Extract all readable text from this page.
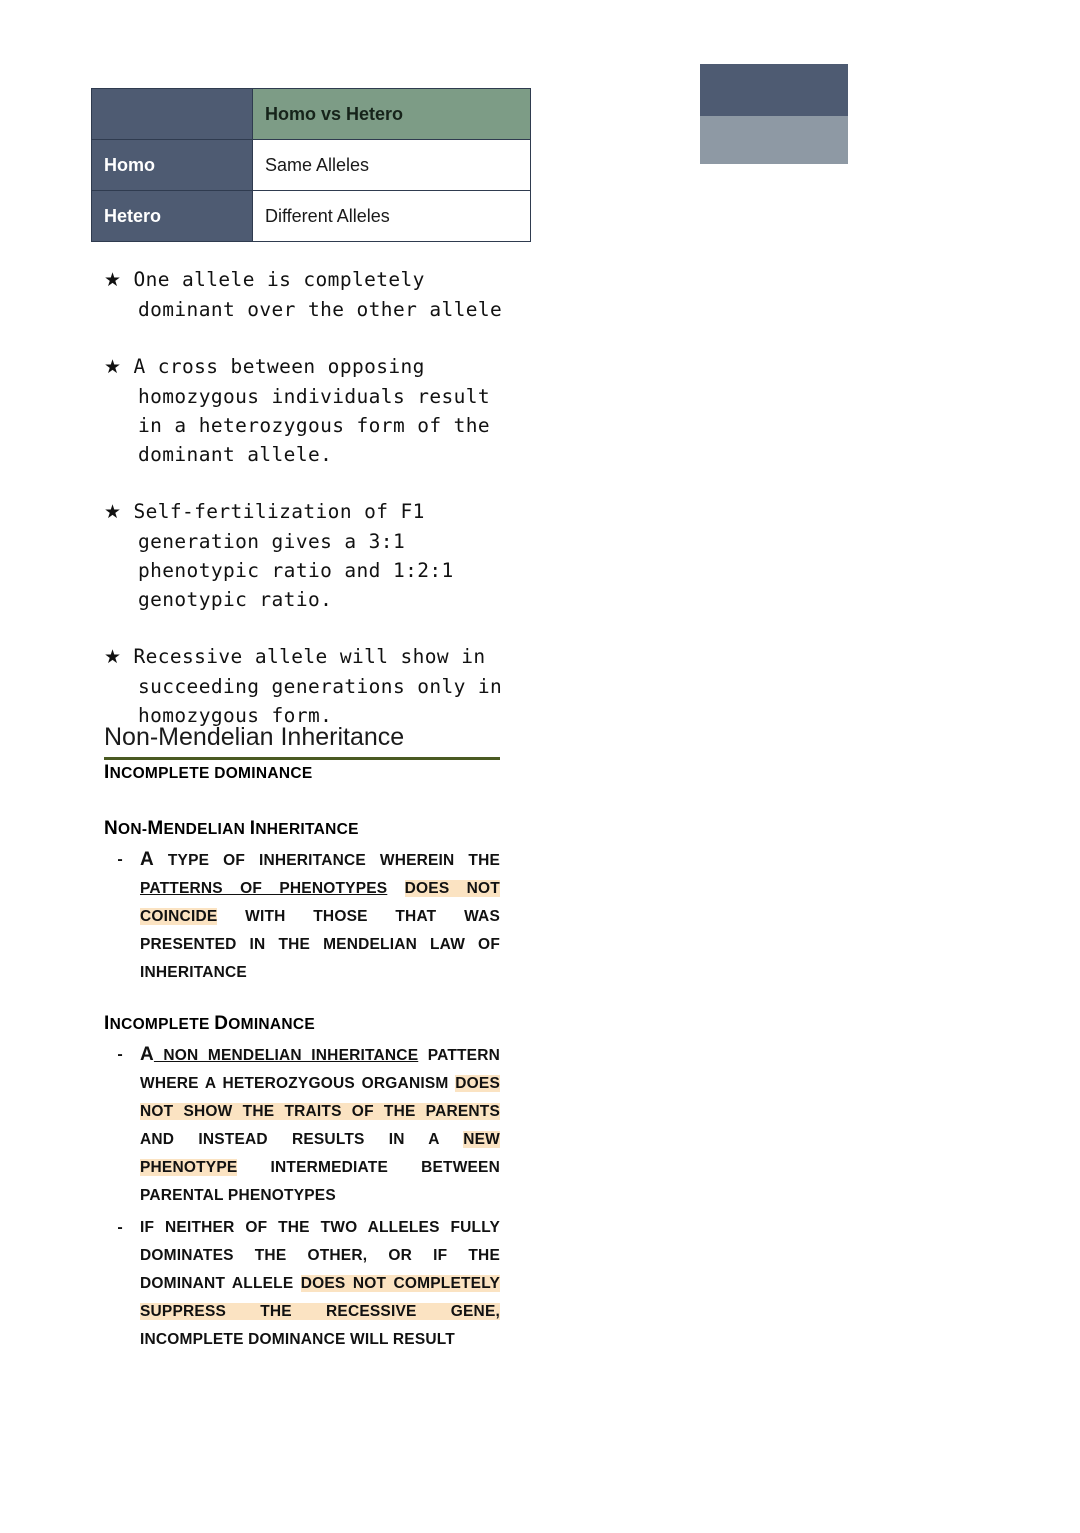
	Homo vs Hetero
Homo	Same Alleles
Hetero	Different Alleles
★ One allele is completely dominant over the other allele
★ A cross between opposing homozygous individuals result in a heterozygous form of the dominant allele.
★ Self-fertilization of F1 generation gives a 3:1 phenotypic ratio and 1:2:1 genotypic ratio.
★ Recessive allele will show in succeeding generations only in homozygous form.
Non-Mendelian Inheritance
INCOMPLETE DOMINANCE
NON-MENDELIAN INHERITANCE
- A TYPE OF INHERITANCE WHEREIN THE PATTERNS OF PHENOTYPES DOES NOT COINCIDE WITH THOSE THAT WAS PRESENTED IN THE MENDELIAN LAW OF INHERITANCE
INCOMPLETE DOMINANCE
- A NON MENDELIAN INHERITANCE PATTERN WHERE A HETEROZYGOUS ORGANISM DOES NOT SHOW THE TRAITS OF THE PARENTS AND INSTEAD RESULTS IN A NEW PHENOTYPE INTERMEDIATE BETWEEN PARENTAL PHENOTYPES
-	IF NEITHER OF THE TWO ALLELES FULLY DOMINATES THE OTHER, OR IF THE DOMINANT ALLELE DOES NOT COMPLETELY SUPPRESS THE RECESSIVE GENE, INCOMPLETE DOMINANCE WILL RESULT
